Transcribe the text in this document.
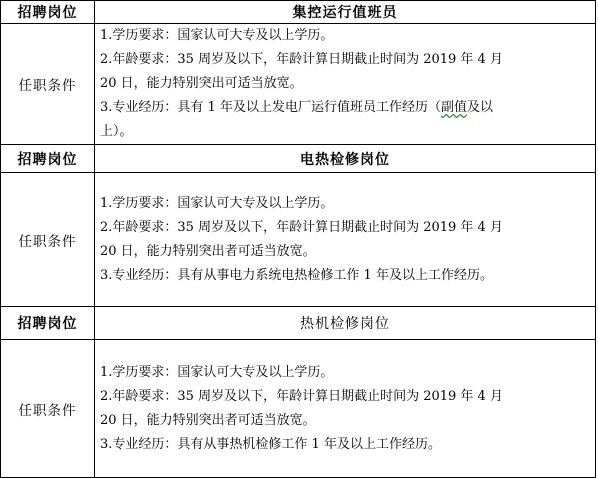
招聘岗位	集控运行值班员
任职条件	1.学历要求：国家认可大专及以上学历。
2.年龄要求：35 周岁及以下，年龄计算日期截止时间为 2019 年 4 月
20 日，能力特别突出可适当放宽。
3.专业经历：具有 1 年及以上发电厂运行值班员工作经历（副值及以
上）。

招聘岗位	电热检修岗位
任职条件	1.学历要求：国家认可大专及以上学历。
2.年龄要求：35 周岁及以下，年龄计算日期截止时间为 2019 年 4 月
20 日，能力特别突出者可适当放宽。
3.专业经历：具有从事电力系统电热检修工作 1 年及以上工作经历。

招聘岗位	热机检修岗位
任职条件	1.学历要求：国家认可大专及以上学历。
2.年龄要求：35 周岁及以下，年龄计算日期截止时间为 2019 年 4 月
20 日，能力特别突出者可适当放宽。
3.专业经历：具有从事热机检修工作 1 年及以上工作经历。
